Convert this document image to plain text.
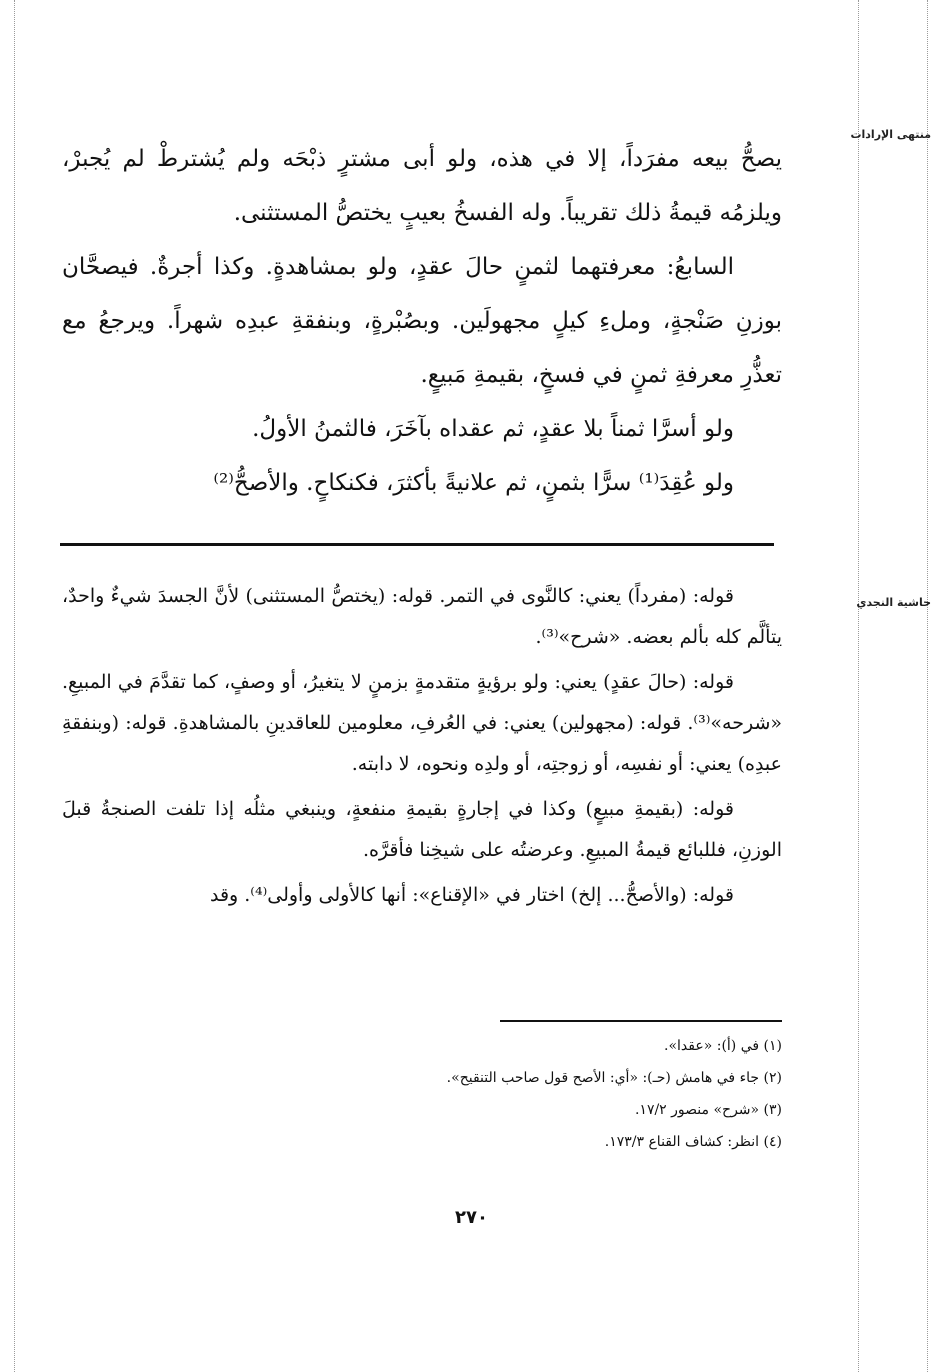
منتهى الإرادات
حاشية النجدي

يصحُّ بيعه مفرَداً، إلا في هذه، ولو أبى مشترٍ ذبْحَه ولم يُشترطْ لم يُجبرْ، ويلزمُه قيمةُ ذلك تقريباً. وله الفسخُ بعيبٍ يختصُّ المستثنى.

السابعُ: معرفتهما لثمنٍ حالَ عقدٍ، ولو بمشاهدةٍ. وكذا أجرةٌ. فيصحَّان بوزنِ صَنْجةٍ، وملءِ كيلٍ مجهولَين. وبصُبْرةٍ، وبنفقةِ عبدِه شهراً. ويرجعُ مع تعذُّرِ معرفةِ ثمنٍ في فسخٍ، بقيمةِ مَبيعٍ.

ولو أسرَّا ثمناً بلا عقدٍ، ثم عقداه بآخَرَ، فالثمنُ الأولُ.

ولو عُقِدَ⁽¹⁾ سرًّا بثمنٍ، ثم علانيةً بأكثرَ، فكنكاحٍ. والأصحُّ⁽²⁾

قوله: (مفرداً) يعني: كالنَّوى في التمر. قوله: (يختصُّ المستثنى) لأنَّ الجسدَ شيءٌ واحدٌ، يتألَّم كله بألم بعضه. «شرح»⁽³⁾.

قوله: (حالَ عقدٍ) يعني: ولو برؤيةٍ متقدمةٍ بزمنٍ لا يتغيرُ، أو وصفٍ، كما تقدَّمَ في المبيعِ. «شرحه»⁽³⁾. قوله: (مجهولين) يعني: في العُرفِ، معلومين للعاقدينِ بالمشاهدةِ. قوله: (وبنفقةِ عبدِه) يعني: أو نفسِه، أو زوجتِه، أو ولدِه ونحوه، لا دابته.

قوله: (بقيمةِ مبيعٍ) وكذا في إجارةٍ بقيمةِ منفعةٍ، وينبغي مثلُه إذا تلفت الصنجةُ قبلَ الوزنِ، فللبائع قيمةُ المبيعِ. وعرضتُه على شيخِنا فأقرَّه.

قوله: (والأصحُّ... إلخ) اختار في «الإقناع»: أنها كالأولى وأولى⁽⁴⁾. وقد

(١) في (أ): «عقدا».
(٢) جاء في هامش (حـ): «أي: الأصح قول صاحب التنقيح».
(٣) «شرح» منصور ١٧/٢.
(٤) انظر: كشاف القناع ١٧٣/٣.
٢٧٠
